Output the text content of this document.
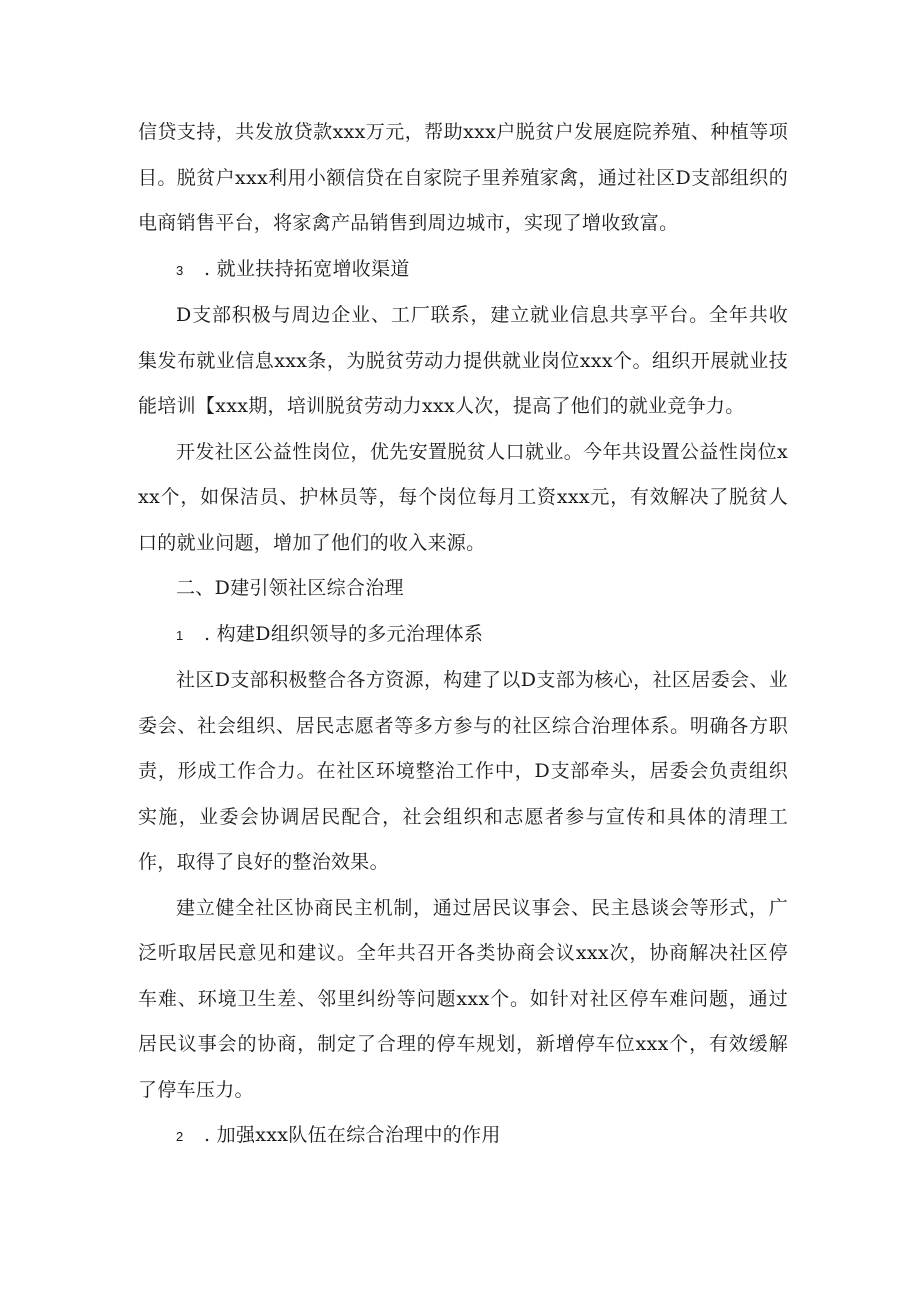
信贷支持，共发放贷款xxx万元，帮助xxx户脱贫户发展庭院养殖、种植等项目。脱贫户xxx利用小额信贷在自家院子里养殖家禽，通过社区D支部组织的电商销售平台，将家禽产品销售到周边城市，实现了增收致富。

3 . 就业扶持拓宽增收渠道

D支部积极与周边企业、工厂联系，建立就业信息共享平台。全年共收集发布就业信息xxx条，为脱贫劳动力提供就业岗位xxx个。组织开展就业技能培训【xxx期，培训脱贫劳动力xxx人次，提高了他们的就业竞争力。

开发社区公益性岗位，优先安置脱贫人口就业。今年共设置公益性岗位xxx个，如保洁员、护林员等，每个岗位每月工资xxx元，有效解决了脱贫人口的就业问题，增加了他们的收入来源。

二、D建引领社区综合治理

1 . 构建D组织领导的多元治理体系

社区D支部积极整合各方资源，构建了以D支部为核心，社区居委会、业委会、社会组织、居民志愿者等多方参与的社区综合治理体系。明确各方职责，形成工作合力。在社区环境整治工作中，D支部牵头，居委会负责组织实施，业委会协调居民配合，社会组织和志愿者参与宣传和具体的清理工作，取得了良好的整治效果。

建立健全社区协商民主机制，通过居民议事会、民主恳谈会等形式，广泛听取居民意见和建议。全年共召开各类协商会议xxx次，协商解决社区停车难、环境卫生差、邻里纠纷等问题xxx个。如针对社区停车难问题，通过居民议事会的协商，制定了合理的停车规划，新增停车位xxx个，有效缓解了停车压力。

2 . 加强xxx队伍在综合治理中的作用
